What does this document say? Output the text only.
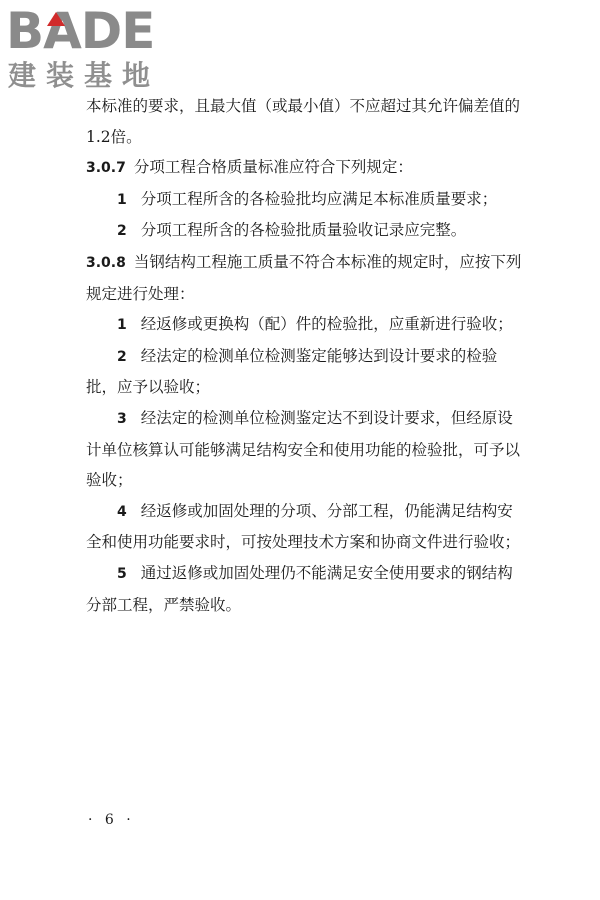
BADE
建装基地

本标准的要求，且最大值（或最小值）不应超过其允许偏差值的1.2倍。

3.0.7 分项工程合格质量标准应符合下列规定：

1 分项工程所含的各检验批均应满足本标准质量要求；

2 分项工程所含的各检验批质量验收记录应完整。

3.0.8 当钢结构工程施工质量不符合本标准的规定时，应按下列规定进行处理：

1 经返修或更换构（配）件的检验批，应重新进行验收；

2 经法定的检测单位检测鉴定能够达到设计要求的检验批，应予以验收；

3 经法定的检测单位检测鉴定达不到设计要求，但经原设计单位核算认可能够满足结构安全和使用功能的检验批，可予以验收；

4 经返修或加固处理的分项、分部工程，仍能满足结构安全和使用功能要求时，可按处理技术方案和协商文件进行验收；

5 通过返修或加固处理仍不能满足安全使用要求的钢结构分部工程，严禁验收。

· 6 ·
